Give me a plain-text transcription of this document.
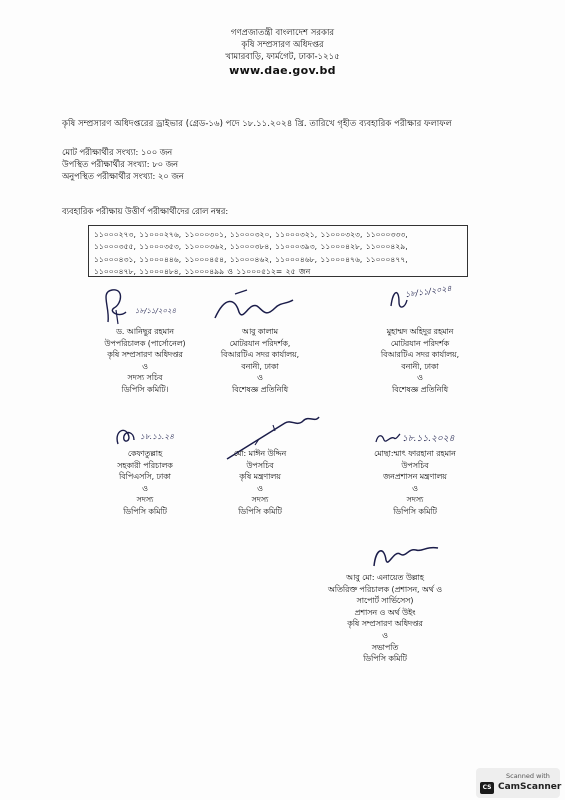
গণপ্রজাতন্ত্রী বাংলাদেশ সরকার
কৃষি সম্প্রসারণ অধিদপ্তর
খামারবাড়ি, ফার্মগেট, ঢাকা-১২১৫
www.dae.gov.bd
কৃষি সম্প্রসারণ অধিদপ্তরের ড্রাইভার (গ্রেড-১৬) পদে ১৮.১১.২০২৪ খ্রি. তারিখে গৃহীত ব্যবহারিক পরীক্ষার ফলাফল
মোট পরীক্ষার্থীর সংখ্যা: ১০০ জন
উপস্থিত পরীক্ষার্থীর সংখ্যা: ৮০ জন
অনুপস্থিত পরীক্ষার্থীর সংখ্যা: ২০ জন
ব্যবহারিক পরীক্ষায় উত্তীর্ণ পরীক্ষার্থীদের রোল নম্বর:
১১০০০২৭৩, ১১০০০২৭৬, ১১০০০৩০১, ১১০০০৩২০, ১১০০০৩২১, ১১০০০৩২৩, ১১০০০৩৩৩,
১১০০০৩৫৫, ১১০০০৩৫৩, ১১০০০৩৬২, ১১০০০৩৮৪, ১১০০০৩৯৩, ১১০০০৪২৮, ১১০০০৪২৯,
১১০০০৪৩১, ১১০০০৪৪৬, ১১০০০৪৫৪, ১১০০০৪৬২, ১১০০০৪৬৮, ১১০০০৪৭৬, ১১০০০৪৭৭,
১১০০০৪৭৮, ১১০০০৪৮৪, ১১০০০৪৯৯ ও ১১০০০৫১২= ২৫ জন
১৮/১১/২০২৪
১৮/১১/২০২৪
ড. আনিছুর রহমান
উপপরিচালক (পার্সোনেল)
কৃষি সম্প্রসারণ অধিদপ্তর
ও
সদস্য সচিব
ডিপিসি কমিটি।
আবু কালাম
মোটরযান পরিদর্শক,
বিআরটিএ সদর কার্যালয়,
বনানী, ঢাকা
ও
বিশেষজ্ঞ প্রতিনিধি
মুহাম্মদ অহিদুর রহমান
মোটরযান পরিদর্শক
বিআরটিএ সদর কার্যালয়,
বনানী, ঢাকা
ও
বিশেষজ্ঞ প্রতিনিধি
১৮.১১.২৪	১৮.১১.২০২৪
কেফাতুল্লাহ
সহকারী পরিচালক
বিপিএসসি, ঢাকা
ও
সদস্য
ডিপিসি কমিটি
মো: মাঈন উদ্দিন
উপসচিব
কৃষি মন্ত্রণালয়
ও
সদস্য
ডিপিসি কমিটি
মোছা:ম্মাৎ ফারহানা রহমান
উপসচিব
জনপ্রশাসন মন্ত্রণালয়
ও
সদস্য
ডিপিসি কমিটি
আবু মো: এনায়েত উল্লাহ
অতিরিক্ত পরিচালক (প্রশাসন, অর্থ ও
সাপোর্ট সার্ভিসেস)
প্রশাসন ও অর্থ উইং
কৃষি সম্প্রসারণ অধিদপ্তর
ও
সভাপতি
ডিপিসি কমিটি
Scanned with
CS CamScanner
